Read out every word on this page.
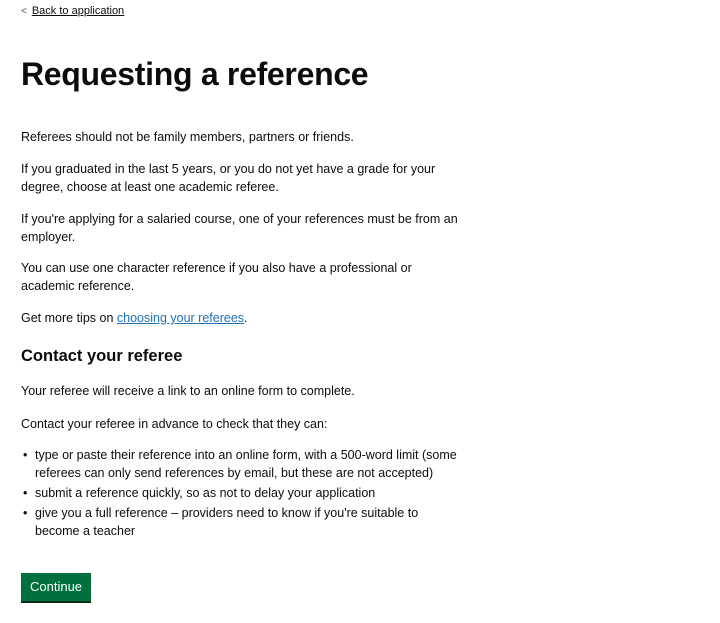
< Back to application
Requesting a reference

Referees should not be family members, partners or friends.

If you graduated in the last 5 years, or you do not yet have a grade for your degree, choose at least one academic referee.

If you're applying for a salaried course, one of your references must be from an employer.

You can use one character reference if you also have a professional or academic reference.

Get more tips on choosing your referees.

Contact your referee

Your referee will receive a link to an online form to complete.

Contact your referee in advance to check that they can:

• type or paste their reference into an online form, with a 500-word limit (some referees can only send references by email, but these are not accepted)
• submit a reference quickly, so as not to delay your application
• give you a full reference – providers need to know if you're suitable to become a teacher
Continue
